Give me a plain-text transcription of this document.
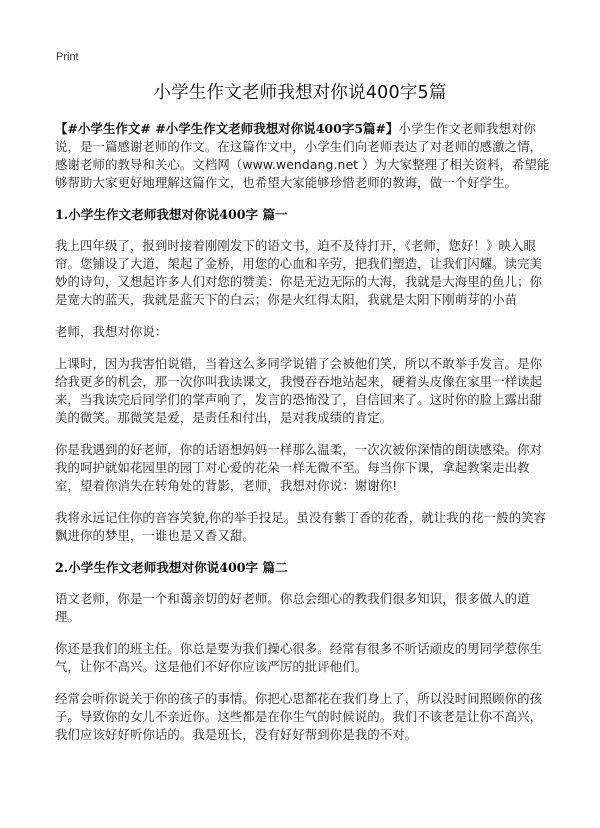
Print
小学生作文老师我想对你说400字5篇

【#小学生作文# #小学生作文老师我想对你说400字5篇#】小学生作文老师我想对你说，是一篇感谢老师的作文。在这篇作文中，小学生们向老师表达了对老师的感激之情，感谢老师的教导和关心。文档网（www.wendang.net ）为大家整理了相关资料，希望能够帮助大家更好地理解这篇作文，也希望大家能够珍惜老师的教诲，做一个好学生。

1.小学生作文老师我想对你说400字 篇一

我上四年级了，报到时接着刚刚发下的语文书，迫不及待打开，《老师，您好！》映入眼帘。您铺设了大道，架起了金桥，用您的心血和辛劳，把我们塑造，让我们闪耀。读完美妙的诗句，又想起许多人们对您的赞美：你是无边无际的大海，我就是大海里的鱼儿；你是宽大的蓝天，我就是蓝天下的白云；你是火红得太阳，我就是太阳下刚萌芽的小苗

老师，我想对你说：

上课时，因为我害怕说错，当着这么多同学说错了会被他们笑，所以不敢举手发言。是你给我更多的机会，那一次你叫我读课文，我慢吞吞地站起来，硬着头皮像在家里一样读起来，当我读完后同学们的掌声响了，发言的恐怖没了，自信回来了。这时你的脸上露出甜美的微笑。那微笑是爱，是责任和付出，是对我成绩的肯定。

你是我遇到的好老师，你的话语想妈妈一样那么温柔，一次次被你深情的朗读感染。你对我的呵护就如花园里的园丁对心爱的花朵一样无微不至。每当你下课，拿起教案走出教室，望着你消失在转角处的背影，老师，我想对你说：谢谢你!

我将永远记住你的音容笑貌,你的举手投足。虽没有紫丁香的花香，就让我的花一般的笑容飘进你的梦里，一谁也是又香又甜。

2.小学生作文老师我想对你说400字 篇二

语文老师，你是一个和蔼亲切的好老师。你总会细心的教我们很多知识，很多做人的道理。

你还是我们的班主任。你总是要为我们操心很多。经常有很多不听话顽皮的男同学惹你生气，让你不高兴。这是他们不好你应该严厉的批评他们。

经常会听你说关于你的孩子的事情。你把心思都花在我们身上了，所以没时间照顾你的孩子。导致你的女儿不亲近你。这些都是在你生气的时候说的。我们不该老是让你不高兴，我们应该好好听你话的。我是班长，没有好好帮到你是我的不对。
